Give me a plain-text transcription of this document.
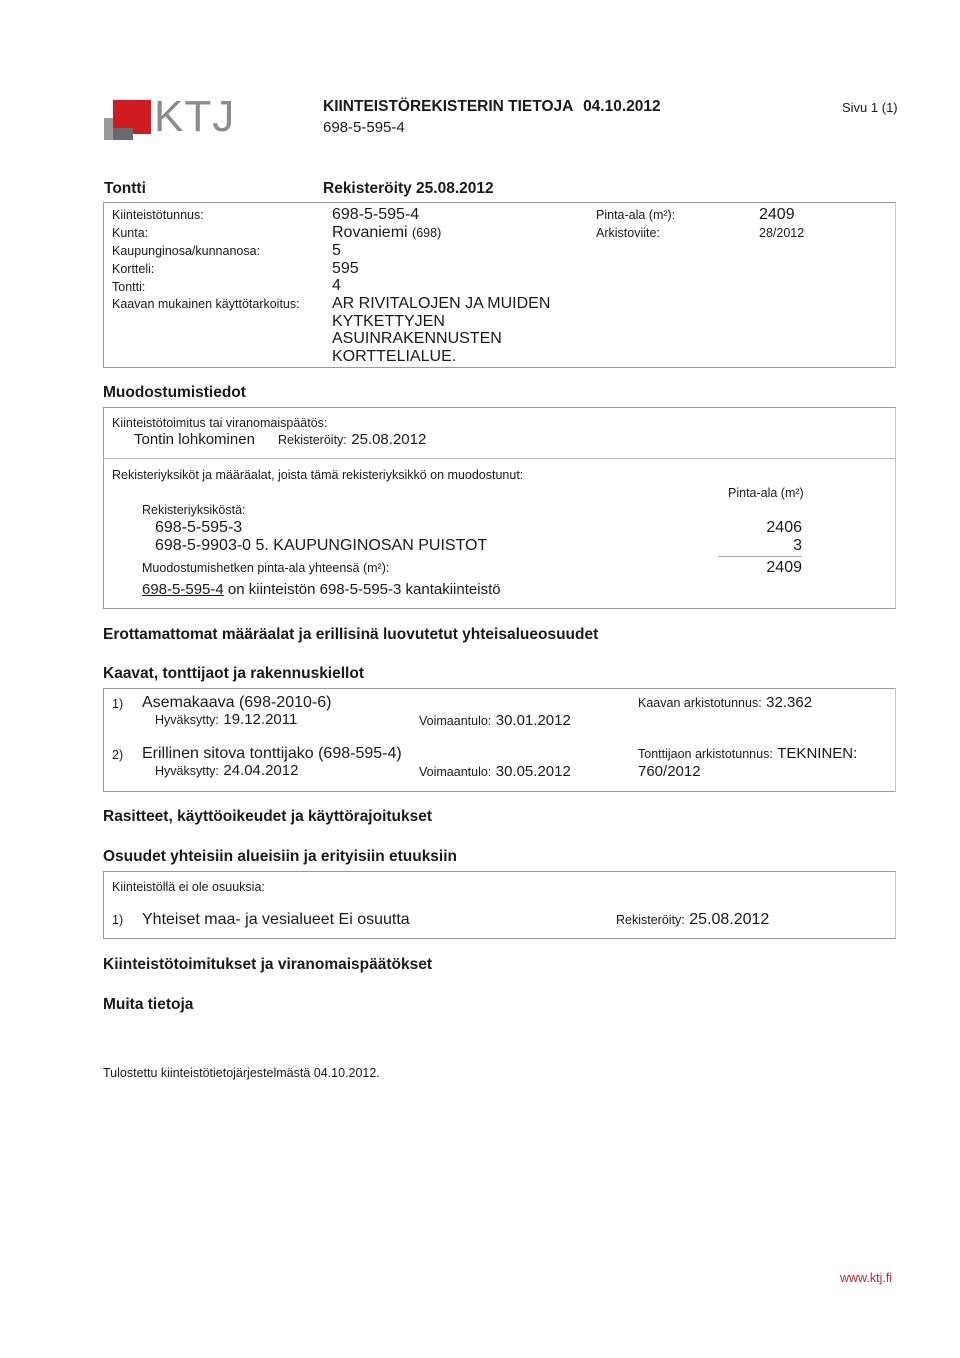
KTJ	KIINTEISTÖREKISTERIN TIETOJA 04.10.2012
698-5-595-4
Sivu 1 (1)
Tontti	Rekisteröity 25.08.2012
Kiinteistötunnus:	698-5-595-4
Kunta:	Rovaniemi (698)
Kaupunginosa/kunnanosa:	5
Kortteli:	595
Tontti:	4
Kaavan mukainen käyttötarkoitus: AR RIVITALOJEN JA MUIDEN
KYTKETTYJEN
ASUINRAKENNUSTEN
KORTTELIALUE.
Pinta-ala (m²):	2409
Arkistoviite:	28/2012
Muodostumistiedot
Kiinteistötoimitus tai viranomaispäätös:
Tontin lohkominen Rekisteröity: 25.08.2012
Rekisteriyksiköt ja määräalat, joista tämä rekisteriyksikkö on muodostunut:
Pinta-ala (m²)
Rekisteriyksiköstä:
698-5-595-3	2406
698-5-9903-0 5. KAUPUNGINOSAN PUISTOT	3
Muodostumishetken pinta-ala yhteensä (m²):	2409
698-5-595-4 on kiinteistön 698-5-595-3 kantakiinteistö
Erottamattomat määräalat ja erillisinä luovutetut yhteisalueosuudet
Kaavat, tonttijaot ja rakennuskiellot
1) Asemakaava (698-2010-6)
Hyväksytty: 19.12.2011	Voimaantulo: 30.01.2012
Kaavan arkistotunnus: 32.362
2) Erillinen sitova tonttijako (698-595-4)
Hyväksytty: 24.04.2012	Voimaantulo: 30.05.2012
Tonttijaon arkistotunnus: TEKNINEN:
760/2012
Rasitteet, käyttöoikeudet ja käyttörajoitukset
Osuudet yhteisiin alueisiin ja erityisiin etuuksiin
Kiinteistöllä ei ole osuuksia:
1) Yhteiset maa- ja vesialueet Ei osuutta	Rekisteröity: 25.08.2012
Kiinteistötoimitukset ja viranomaispäätökset
Muita tietoja
Tulostettu kiinteistötietojärjestelmästä 04.10.2012.
www.ktj.fi
